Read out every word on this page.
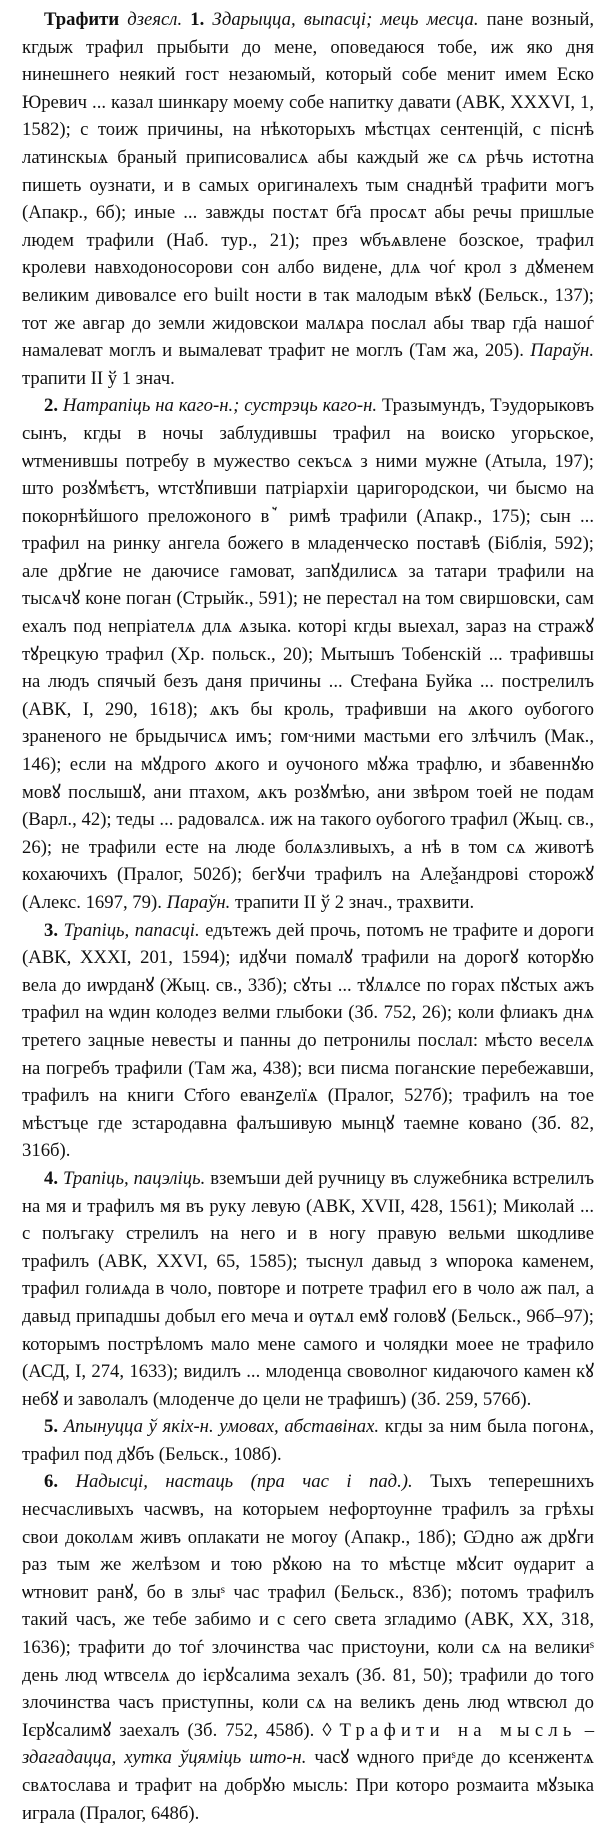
Трафити дзеясл. 1. Здарыцца, выпасці; мець месца. пане возный, кгдыж трафил прыбыти до мене, оповедаюся тобе, иж яко дня нинешнего неякий гост незаюмый, который собе менит имем Еско Юревич ... казал шинкару моему собе напитку давати (АВК, XXXVI, 1, 1582); с тоиж причины, на нѣкоторыхъ мѣстцах сентенцій, с піснѣ латинскыѧ браный приписовалисѧ абы каждый же сѧ рѣчь истотна пишеть оузнати, и в самых оригиналехъ тым снаднѣй трафити могъ (Апакр., 6б); иные ... завжды постѧт бг҃а просѧт абы речы пришлые людем трафили (Наб. тур., 21); през ѡбъѧвлене бозское, трафил кролеви навходоносорови сон албо видене, длѧ чоѓ крол з дꙋменем великим дивовалсе его built ности в так малодым вѣкꙋ (Бельск., 137); тот же авгар до земли жидовскои малѧра послал абы твар гд҃а нашоѓ намалеват моглъ и вымалеват трафит не моглъ (Там жа, 205). Параўн. трапити II ў 1 знач.

2. Натрапіць на каго-н.; сустрэць каго-н. Тразымундъ, Тэудорыковъ сынъ, кгды в ночы заблудившы трафил на воиско угорьское, ѡтменившы потребу в мужество секъсѧ з ними мужне (Атыла, 197); што розꙋмѣєтъ, ѡтстꙋпивши патріархіи царигородскои, чи бысмо на покорнѣйшого преложоного вꙿ римѣ трафили (Апакр., 175); сын ... трафил на ринку ангела божего в младенческо поставѣ (Біблія, 592); але дрꙋгие не даючисе гамоват, запꙋдилисѧ за татари трафили на тысѧчꙋ коне поган (Стрыйк., 591); не перестал на том свиршовски, сам ехалъ под непріателѧ длѧ ѧзыка. которі кгды выехал, зараз на стражꙋ тꙋрецкую трафил (Хр. польск., 20); Мытышъ Тобенскій ... трафившы на людъ спячый безъ даня причины ... Стефана Буйка ... пострелилъ (АВК, І, 290, 1618); ѧкъ бы кроль, трафивши на ѧкого оубогого зраненого не брыдычисѧ имъ; гомᵕними мастьми его злѣчилъ (Мак., 146); если на мꙋдрого ѧкого и оучоного мꙋжа трафлю, и збавеннꙋю мовꙋ послышꙋ, ани птахом, ѧкъ розꙋмѣю, ани звѣром тоей не подам (Варл., 42); теды ... радовалсѧ. иж на такого оубогого трафил (Жыц. св., 26); не трафили есте на люде болѧзливыхъ, а нѣ в том сѧ животѣ кохаючихъ (Пралог, 502б); бегꙋчи трафилъ на Алеѯандрові сторожꙋ (Алекс. 1697, 79). Параўн. трапити II ў 2 знач., трахвити.

3. Трапіць, папасці. едътежъ дей прочь, потомъ не трафите и дороги (АВК, XXXI, 201, 1594); идꙋчи помалꙋ трафили на дорогꙋ которꙋю вела до иѡрданꙋ (Жыц. св., 33б); сꙋтьı ... тꙋлѧлсе по горах пꙋстых ажъ трафил на ѡдин колодез велми глыбоки (Зб. 752, 26); коли флиакъ днѧ третего зацные невесты и панны до петронилы послал: мѣсто веселѧ на погребъ трафили (Там жа, 438); вси писма поганские перебежавши, трафилъ на книги Ст҃ого еванꙁелїѧ (Пралог, 527б); трафилъ на тое мѣстъце где зстародавна фалъшивую мынцꙋ таемне ковано (Зб. 82, 316б).

4. Трапіць, пацэліць. вземъши дей ручницу въ служебника встрелилъ на мя и трафилъ мя въ руку левую (АВК, XVII, 428, 1561); Миколай ... с полъгаку стрелилъ на него и в ногу правую вельми шкодливе трафилъ (АВК, XXVI, 65, 1585); тыснул давыд з ѡпорока каменем, трафил голиѧда в чоло, повторе и потрете трафил его в чоло аж пал, а давыд припадшы добыл его меча и ѹтѧл емꙋ головꙋ (Бельск., 96б–97); которымъ пострѣломъ мало мене самого и чолядки моее не трафило (АСД, І, 274, 1633); видилъ ... млоденца своволног кидаючого камен кꙋ небꙋ и заволалъ (млоденче до цели не трафишъ) (Зб. 259, 576б).

5. Апынуцца ў якіх-н. умовах, абставінах. кгды за ним была погонѧ, трафил под дꙋбъ (Бельск., 108б).

6. Надысці, настаць (пра час і пад.). Тыхъ теперешнихъ несчасливыхъ часѡвъ, на которыем нефортоунне трафилъ за грѣхы свои доколѧм живъ оплакати не могоу (Апакр., 18б); Ѡдно аж дрꙋги раз тым же желѣзом и тою рꙋкою на то мѣстце мꙋсит ѹдарит а ѡтновит ранꙋ, бо в злыˢ час трафил (Бельск., 83б); потомъ трафилъ такий часъ, же тебе забимо и с сего света згладимо (АВК, XX, 318, 1636); трафити до тоѓ злочинства час пристоуни, коли сѧ на великиˢ день люд ѡтвселѧ до ієрꙋсалима зехалъ (Зб. 81, 50); трафили до того злочинства часъ приступны, коли сѧ на великъ день люд ѡтвсюл до Ієрꙋсалимꙋ заехалъ (Зб. 752, 458б). ◊ Трафити на мысль – здагадацца, хутка ўцяміць што-н. часꙋ ѡдного приˢде до ксенжентѧ свѧтослава и трафит на добрꙋю мысль: При которо розмаита мꙋзыка играла (Пралог, 648б).
